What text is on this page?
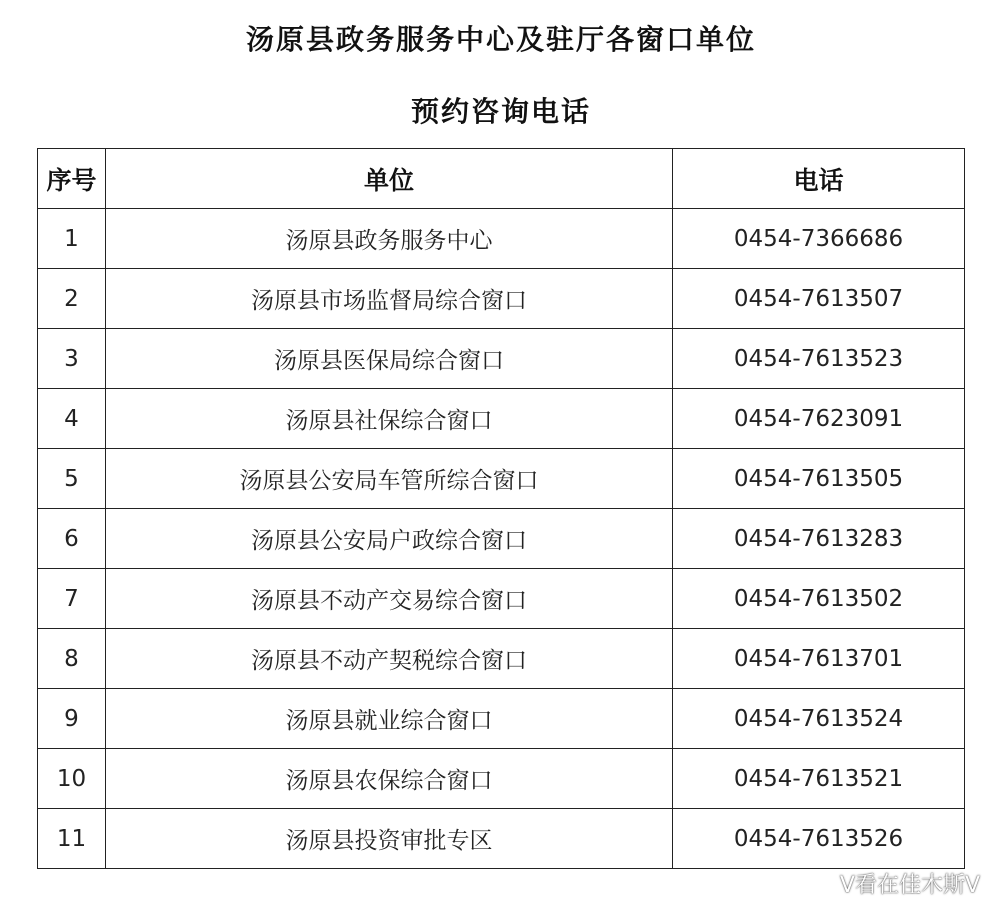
汤原县政务服务中心及驻厅各窗口单位
预约咨询电话
序号	单位	电话
1	汤原县政务服务中心	0454-7366686
2	汤原县市场监督局综合窗口	0454-7613507
3	汤原县医保局综合窗口	0454-7613523
4	汤原县社保综合窗口	0454-7623091
5	汤原县公安局车管所综合窗口	0454-7613505
6	汤原县公安局户政综合窗口	0454-7613283
7	汤原县不动产交易综合窗口	0454-7613502
8	汤原县不动产契税综合窗口	0454-7613701
9	汤原县就业综合窗口	0454-7613524
10	汤原县农保综合窗口	0454-7613521
11	汤原县投资审批专区	0454-7613526
V看在佳木斯V
